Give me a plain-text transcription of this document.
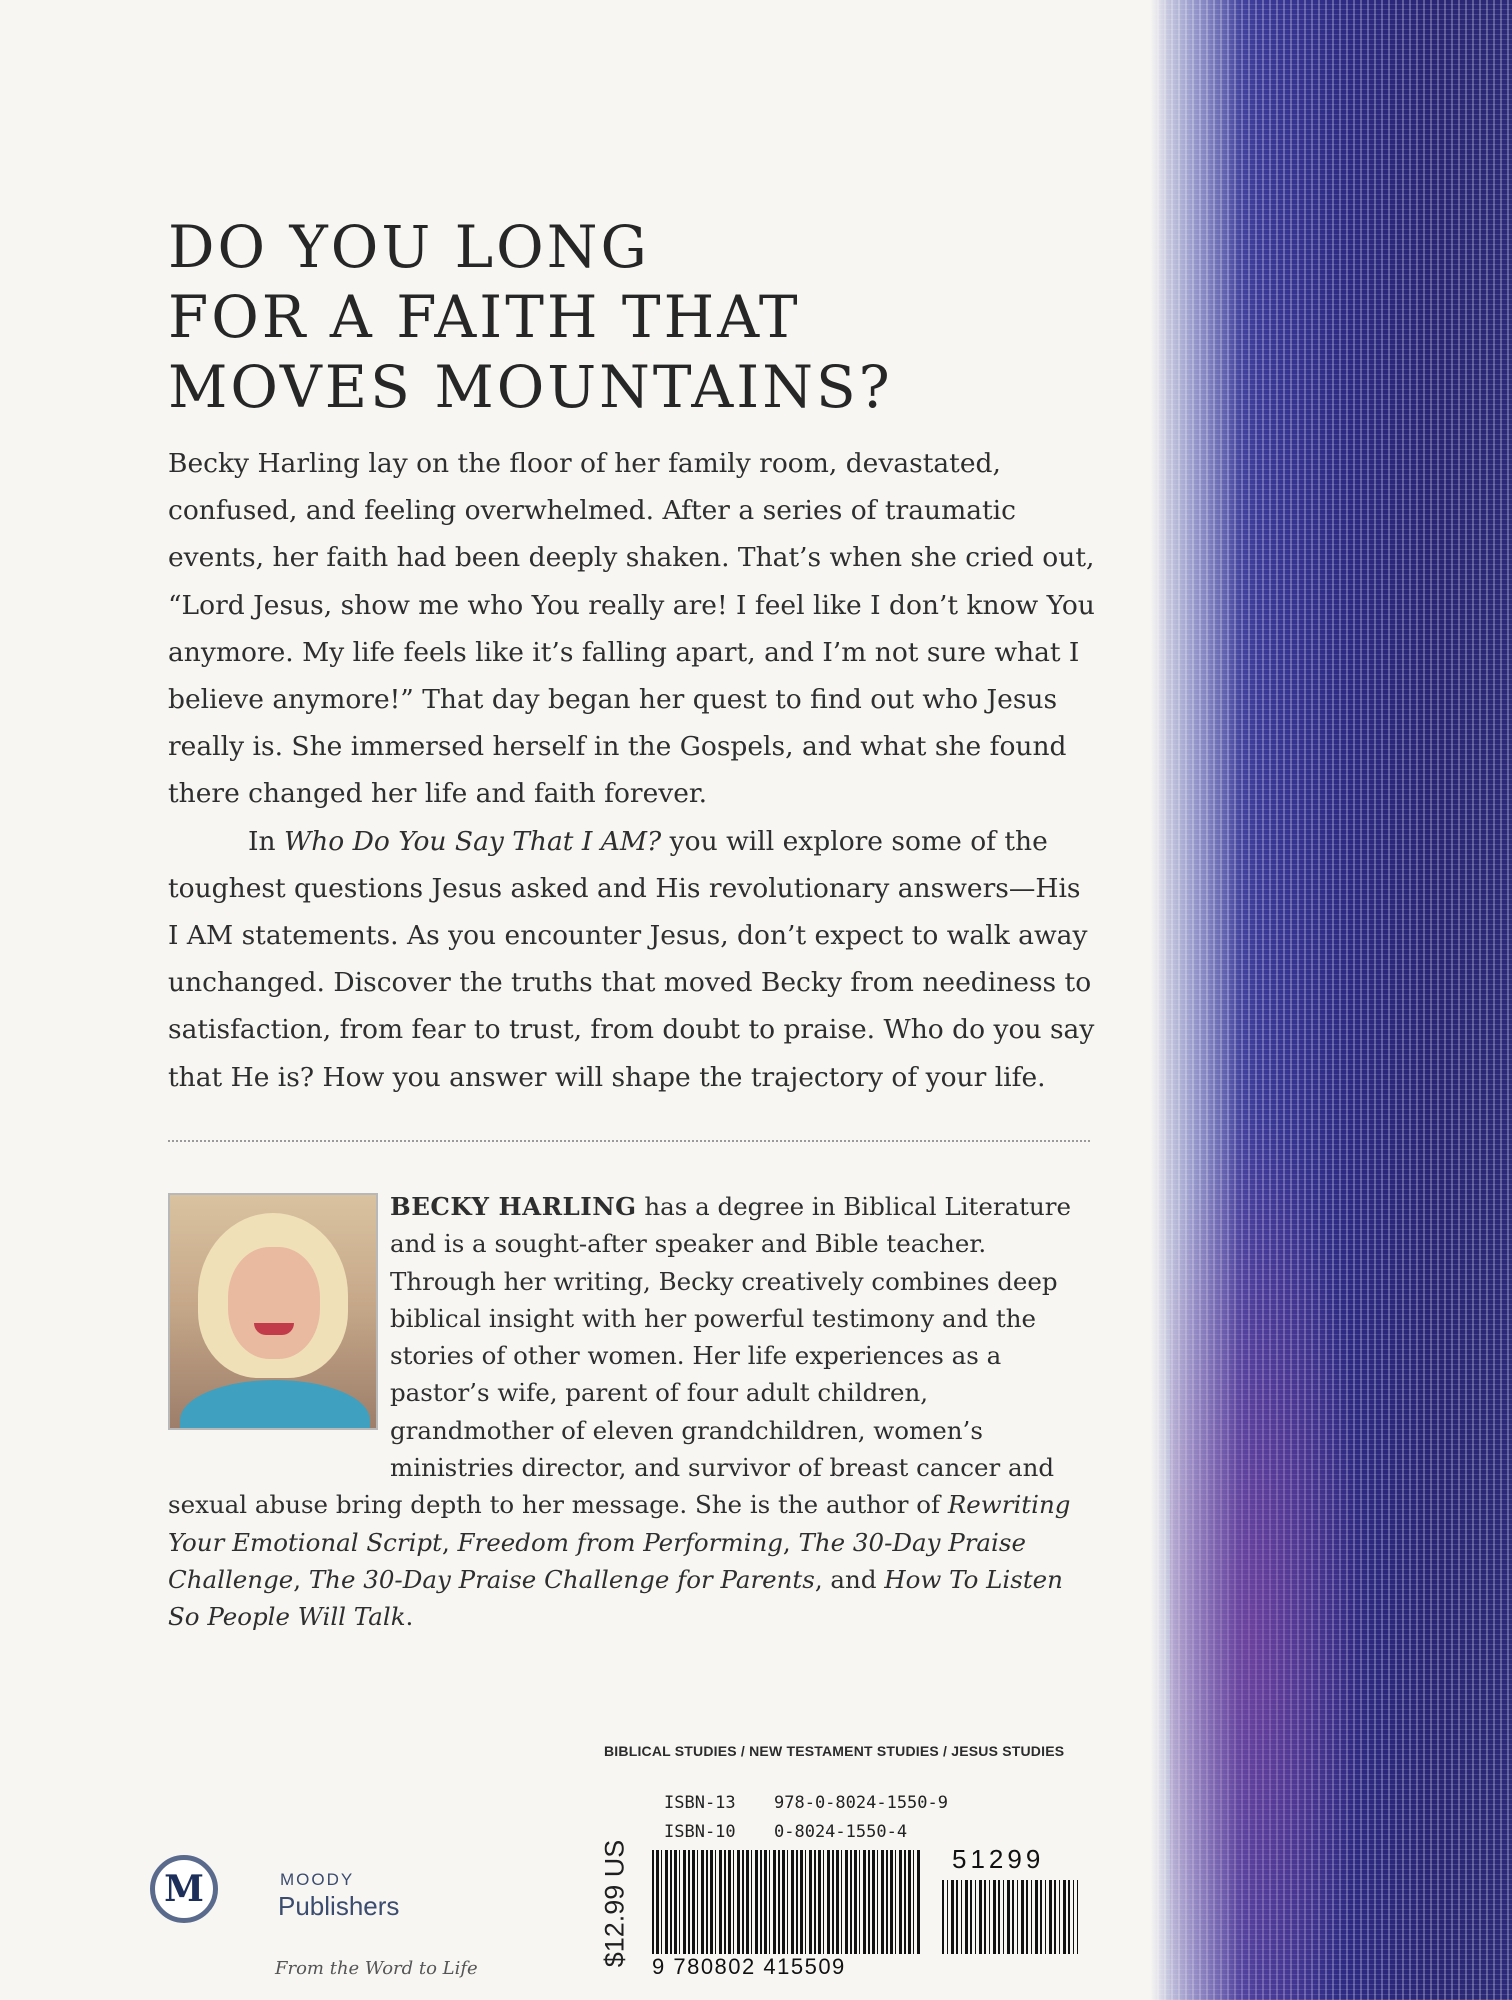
DO YOU LONG
FOR A FAITH THAT
MOVES MOUNTAINS?

Becky Harling lay on the floor of her family room, devastated, confused, and feeling overwhelmed. After a series of traumatic events, her faith had been deeply shaken. That’s when she cried out, “Lord Jesus, show me who You really are! I feel like I don’t know You anymore. My life feels like it’s falling apart, and I’m not sure what I believe anymore!” That day began her quest to find out who Jesus really is. She immersed herself in the Gospels, and what she found there changed her life and faith forever.

In Who Do You Say That I AM? you will explore some of the toughest questions Jesus asked and His revolutionary answers—His I AM statements. As you encounter Jesus, don’t expect to walk away unchanged. Discover the truths that moved Becky from neediness to satisfaction, from fear to trust, from doubt to praise. Who do you say that He is? How you answer will shape the trajectory of your life.

BECKY HARLING has a degree in Biblical Literature and is a sought-after speaker and Bible teacher. Through her writing, Becky creatively combines deep biblical insight with her powerful testimony and the stories of other women. Her life experiences as a pastor’s wife, parent of four adult children, grandmother of eleven grandchildren, women’s ministries director, and survivor of breast cancer and sexual abuse bring depth to her message. She is the author of Rewriting Your Emotional Script, Freedom from Performing, The 30-Day Praise Challenge, The 30-Day Praise Challenge for Parents, and How To Listen So People Will Talk.
BIBLICAL STUDIES / NEW TESTAMENT STUDIES / JESUS STUDIES
$12.99 US
ISBN-13 978-0-8024-1550-9
ISBN-10 0-8024-1550-4
51299
9 780802 415509
M	MOODY
Publishers
From the Word to Life
